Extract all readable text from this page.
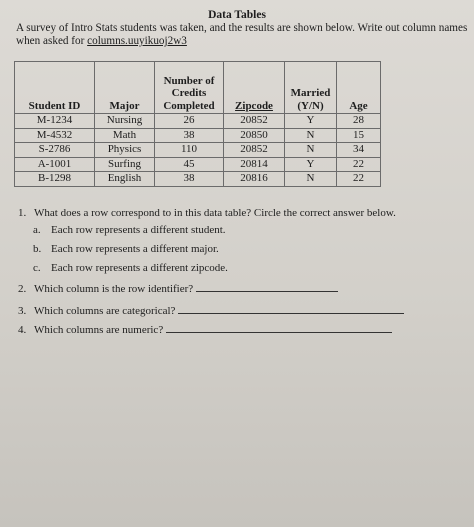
Data Tables
A survey of Intro Stats students was taken, and the results are shown below. Write out column names when asked for columns.uuyikuoj2w3
Student ID	Major	Number of Credits Completed	Zipcode	Married (Y/N)	Age
M-1234	Nursing	26	20852	Y	28
M-4532	Math	38	20850	N	15
S-2786	Physics	110	20852	N	34
A-1001	Surfing	45	20814	Y	22
B-1298	English	38	20816	N	22
1. What does a row correspond to in this data table? Circle the correct answer below.
a. Each row represents a different student.
b. Each row represents a different major.
c. Each row represents a different zipcode.
2. Which column is the row identifier?
3. Which columns are categorical?
4. Which columns are numeric?
